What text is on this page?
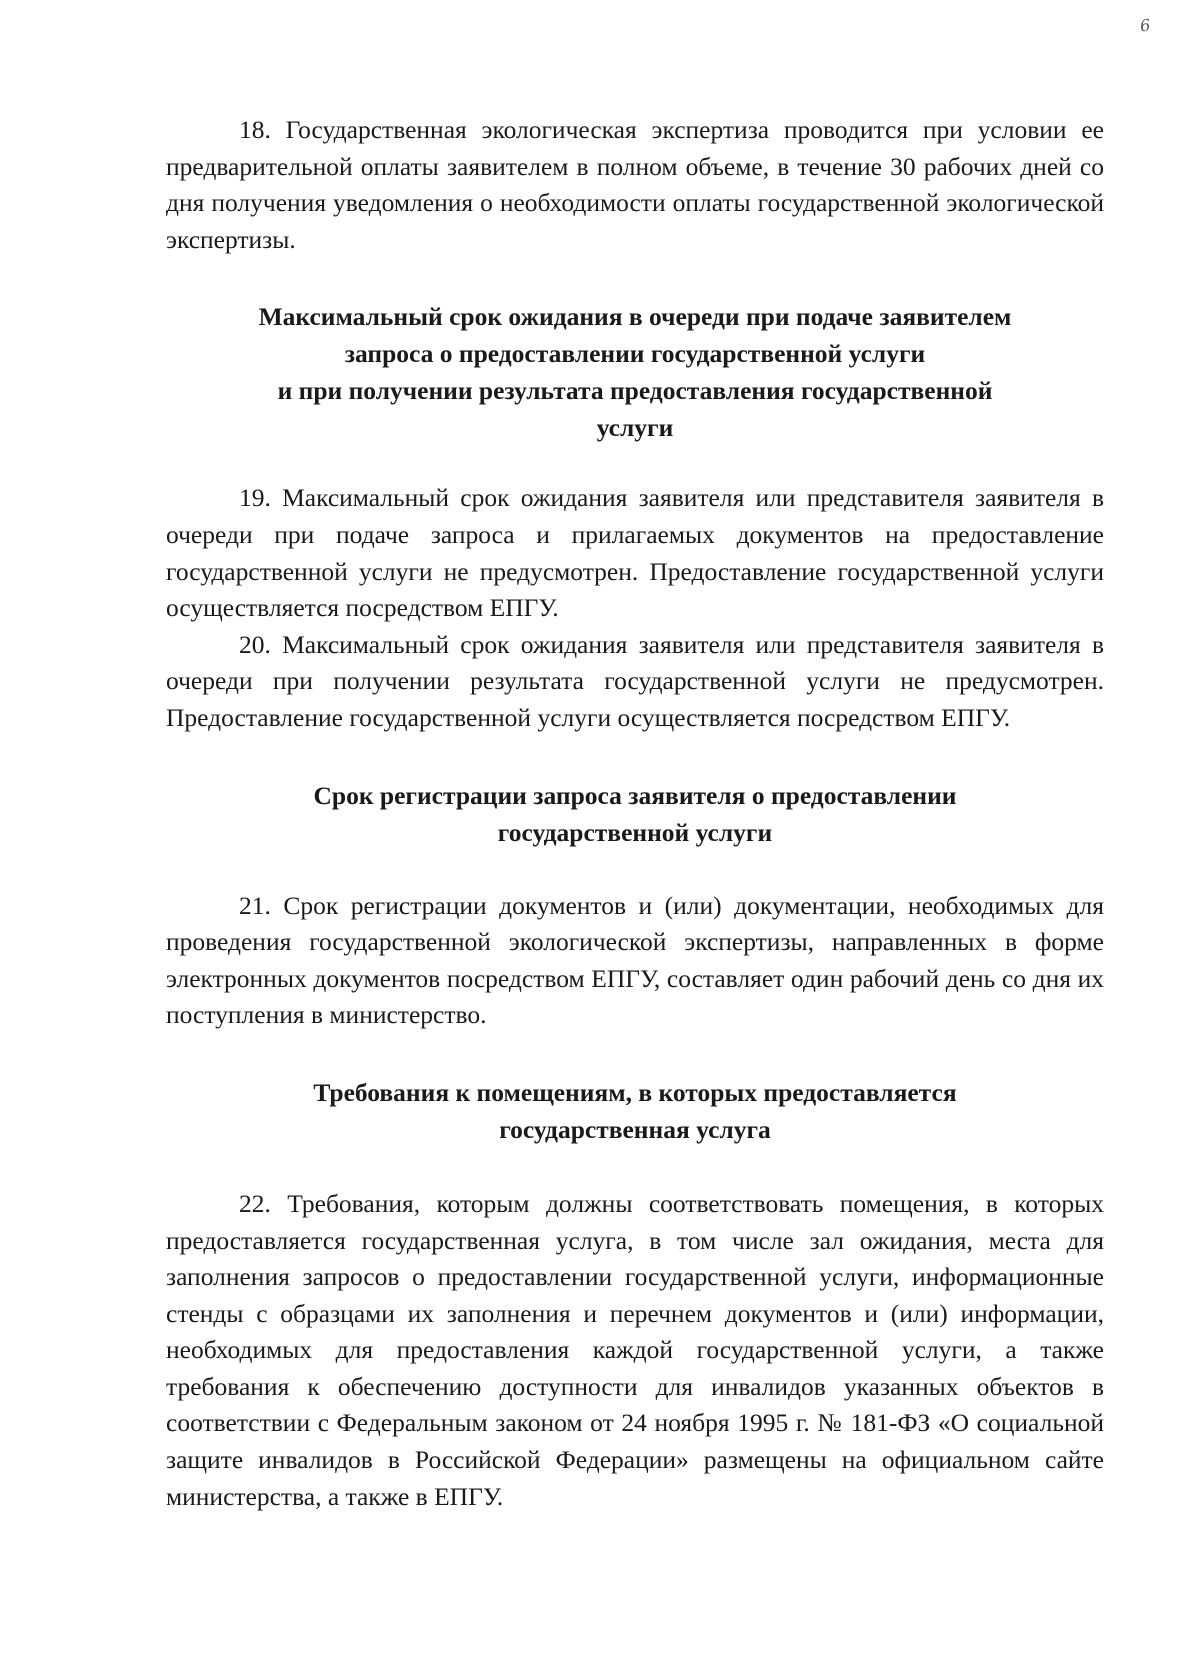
6

18. Государственная экологическая экспертиза проводится при условии ее предварительной оплаты заявителем в полном объеме, в течение 30 рабочих дней со дня получения уведомления о необходимости оплаты государственной экологической экспертизы.

Максимальный срок ожидания в очереди при подаче заявителем
запроса о предоставлении государственной услуги
и при получении результата предоставления государственной
услуги

19. Максимальный срок ожидания заявителя или представителя заявителя в очереди при подаче запроса и прилагаемых документов на предоставление государственной услуги не предусмотрен. Предоставление государственной услуги осуществляется посредством ЕПГУ.

20. Максимальный срок ожидания заявителя или представителя заявителя в очереди при получении результата государственной услуги не предусмотрен. Предоставление государственной услуги осуществляется посредством ЕПГУ.

Срок регистрации запроса заявителя о предоставлении
государственной услуги

21. Срок регистрации документов и (или) документации, необходимых для проведения государственной экологической экспертизы, направленных в форме электронных документов посредством ЕПГУ, составляет один рабочий день со дня их поступления в министерство.

Требования к помещениям, в которых предоставляется
государственная услуга

22. Требования, которым должны соответствовать помещения, в которых предоставляется государственная услуга, в том числе зал ожидания, места для заполнения запросов о предоставлении государственной услуги, информационные стенды с образцами их заполнения и перечнем документов и (или) информации, необходимых для предоставления каждой государственной услуги, а также требования к обеспечению доступности для инвалидов указанных объектов в соответствии с Федеральным законом от 24 ноября 1995 г. № 181-ФЗ «О социальной защите инвалидов в Российской Федерации» размещены на официальном сайте министерства, а также в ЕПГУ.
